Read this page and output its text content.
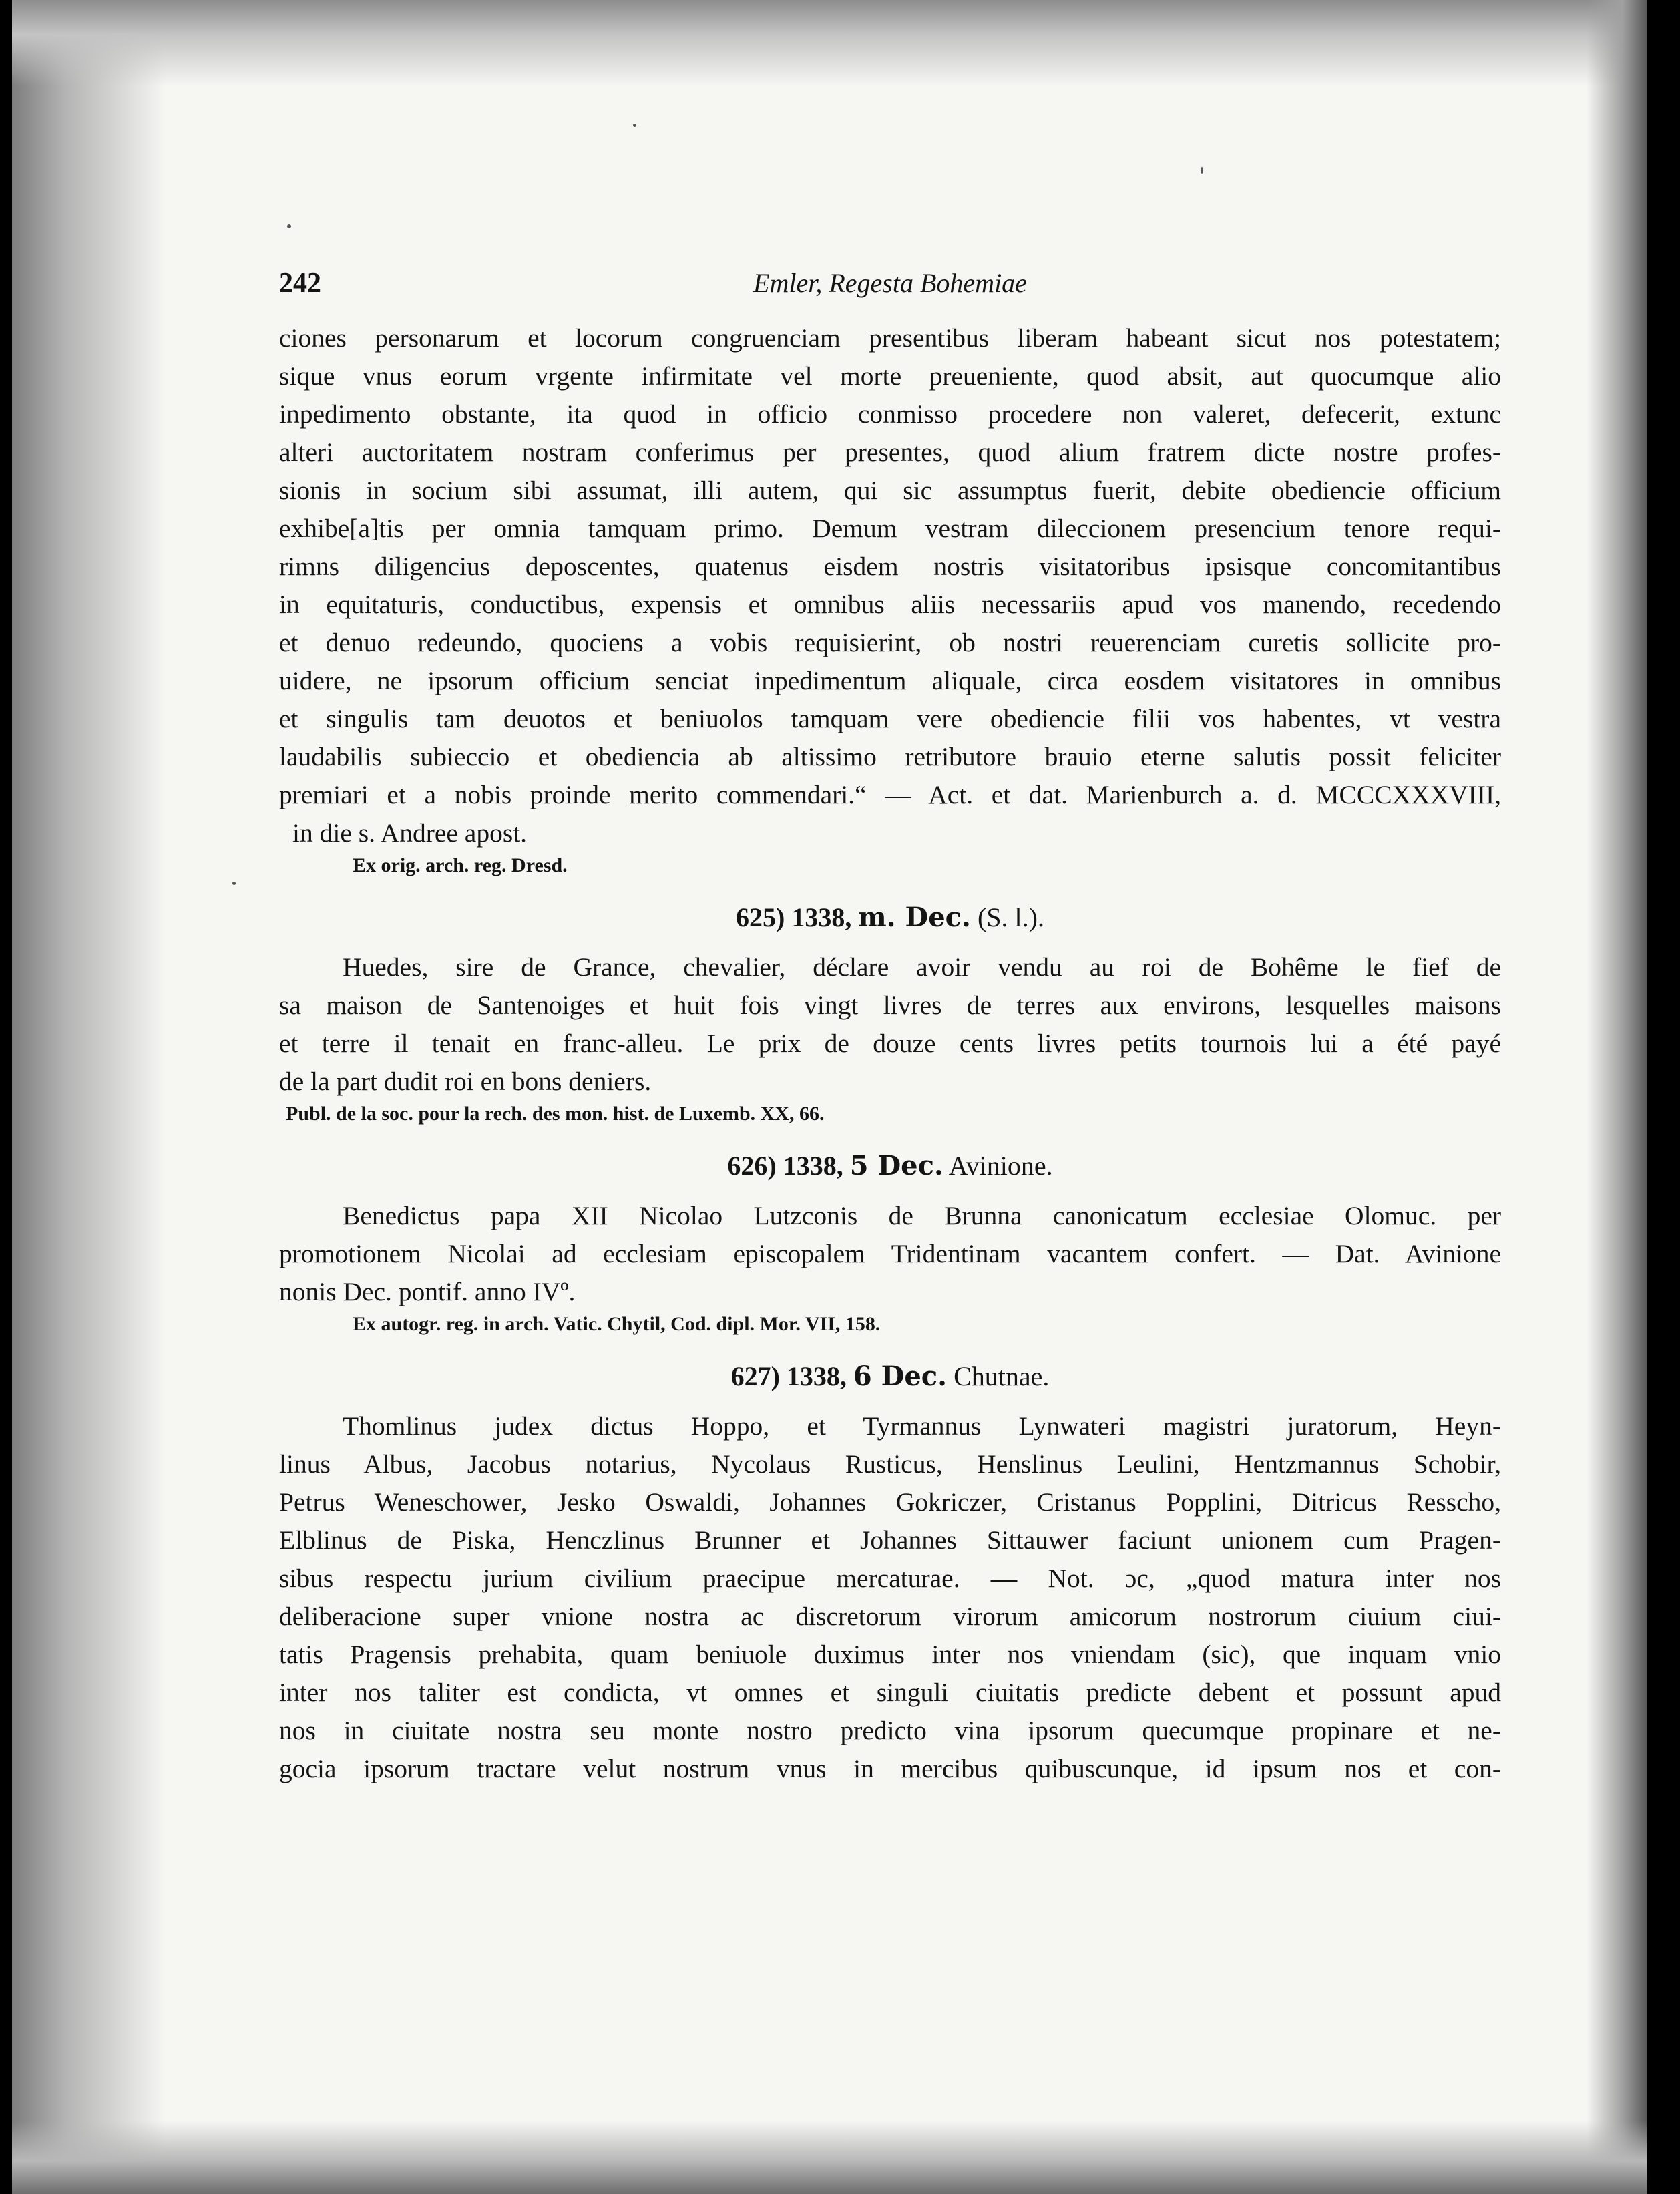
242	Emler, Regesta Bohemiae

ciones personarum et locorum congruenciam presentibus liberam habeant sicut nos potestatem;
sique vnus eorum vrgente infirmitate vel morte preueniente, quod absit, aut quocumque alio
inpedimento obstante, ita quod in officio conmisso procedere non valeret, defecerit, extunc
alteri auctoritatem nostram conferimus per presentes, quod alium fratrem dicte nostre profes-
sionis in socium sibi assumat, illi autem, qui sic assumptus fuerit, debite obediencie officium
exhibe[a]tis per omnia tamquam primo. Demum vestram dileccionem presencium tenore requi-
rimns diligencius deposcentes, quatenus eisdem nostris visitatoribus ipsisque concomitantibus
in equitaturis, conductibus, expensis et omnibus aliis necessariis apud vos manendo, recedendo
et denuo redeundo, quociens a vobis requisierint, ob nostri reuerenciam curetis sollicite pro-
uidere, ne ipsorum officium senciat inpedimentum aliquale, circa eosdem visitatores in omnibus
et singulis tam deuotos et beniuolos tamquam vere obediencie filii vos habentes, vt vestra
laudabilis subieccio et obediencia ab altissimo retributore brauio eterne salutis possit feliciter
premiari et a nobis proinde merito commendari.“ — Act. et dat. Marienburch a. d. MCCCXXXVIII,
in die s. Andree apost.

Ex orig. arch. reg. Dresd.

625) 1338, m. Dec. (S. l.).

Huedes, sire de Grance, chevalier, déclare avoir vendu au roi de Bohême le fief de
sa maison de Santenoiges et huit fois vingt livres de terres aux environs, lesquelles maisons
et terre il tenait en franc-alleu. Le prix de douze cents livres petits tournois lui a été payé
de la part dudit roi en bons deniers.

Publ. de la soc. pour la rech. des mon. hist. de Luxemb. XX, 66.

626) 1338, 5 Dec. Avinione.

Benedictus papa XII Nicolao Lutzconis de Brunna canonicatum ecclesiae Olomuc. per
promotionem Nicolai ad ecclesiam episcopalem Tridentinam vacantem confert. — Dat. Avinione
nonis Dec. pontif. anno IVº.

Ex autogr. reg. in arch. Vatic. Chytil, Cod. dipl. Mor. VII, 158.

627) 1338, 6 Dec. Chutnae.

Thomlinus judex dictus Hoppo, et Tyrmannus Lynwateri magistri juratorum, Heyn-
linus Albus, Jacobus notarius, Nycolaus Rusticus, Henslinus Leulini, Hentzmannus Schobir,
Petrus Weneschower, Jesko Oswaldi, Johannes Gokriczer, Cristanus Popplini, Ditricus Resscho,
Elblinus de Piska, Henczlinus Brunner et Johannes Sittauwer faciunt unionem cum Pragen-
sibus respectu jurium civilium praecipue mercaturae. — Not. ɔc, „quod matura inter nos
deliberacione super vnione nostra ac discretorum virorum amicorum nostrorum ciuium ciui-
tatis Pragensis prehabita, quam beniuole duximus inter nos vniendam (sic), que inquam vnio
inter nos taliter est condicta, vt omnes et singuli ciuitatis predicte debent et possunt apud
nos in ciuitate nostra seu monte nostro predicto vina ipsorum quecumque propinare et ne-
gocia ipsorum tractare velut nostrum vnus in mercibus quibuscunque, id ipsum nos et con-
